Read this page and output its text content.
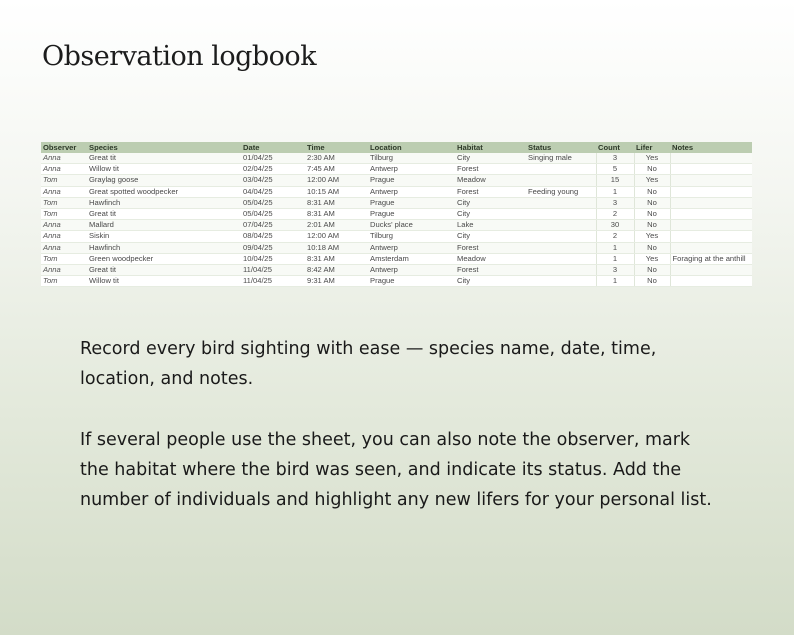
Observation logbook
Observer	Species	Date	Time	Location	Habitat	Status	Count	Lifer	Notes
Anna	Great tit	01/04/25	2:30 AM	Tilburg	City	Singing male	3	Yes	
Anna	Willow tit	02/04/25	7:45 AM	Antwerp	Forest		5	No	
Tom	Graylag goose	03/04/25	12:00 AM	Prague	Meadow		15	Yes	
Anna	Great spotted woodpecker	04/04/25	10:15 AM	Antwerp	Forest	Feeding young	1	No	
Tom	Hawfinch	05/04/25	8:31 AM	Prague	City		3	No	
Tom	Great tit	05/04/25	8:31 AM	Prague	City		2	No	
Anna	Mallard	07/04/25	2:01 AM	Ducks' place	Lake		30	No	
Anna	Siskin	08/04/25	12:00 AM	Tilburg	City		2	Yes	
Anna	Hawfinch	09/04/25	10:18 AM	Antwerp	Forest		1	No	
Tom	Green woodpecker	10/04/25	8:31 AM	Amsterdam	Meadow		1	Yes	Foraging at the anthill
Anna	Great tit	11/04/25	8:42 AM	Antwerp	Forest		3	No	
Tom	Willow tit	11/04/25	9:31 AM	Prague	City		1	No	

Record every bird sighting with ease — species name, date, time, location, and notes.

If several people use the sheet, you can also note the observer, mark the habitat where the bird was seen, and indicate its status. Add the number of individuals and highlight any new lifers for your personal list.
